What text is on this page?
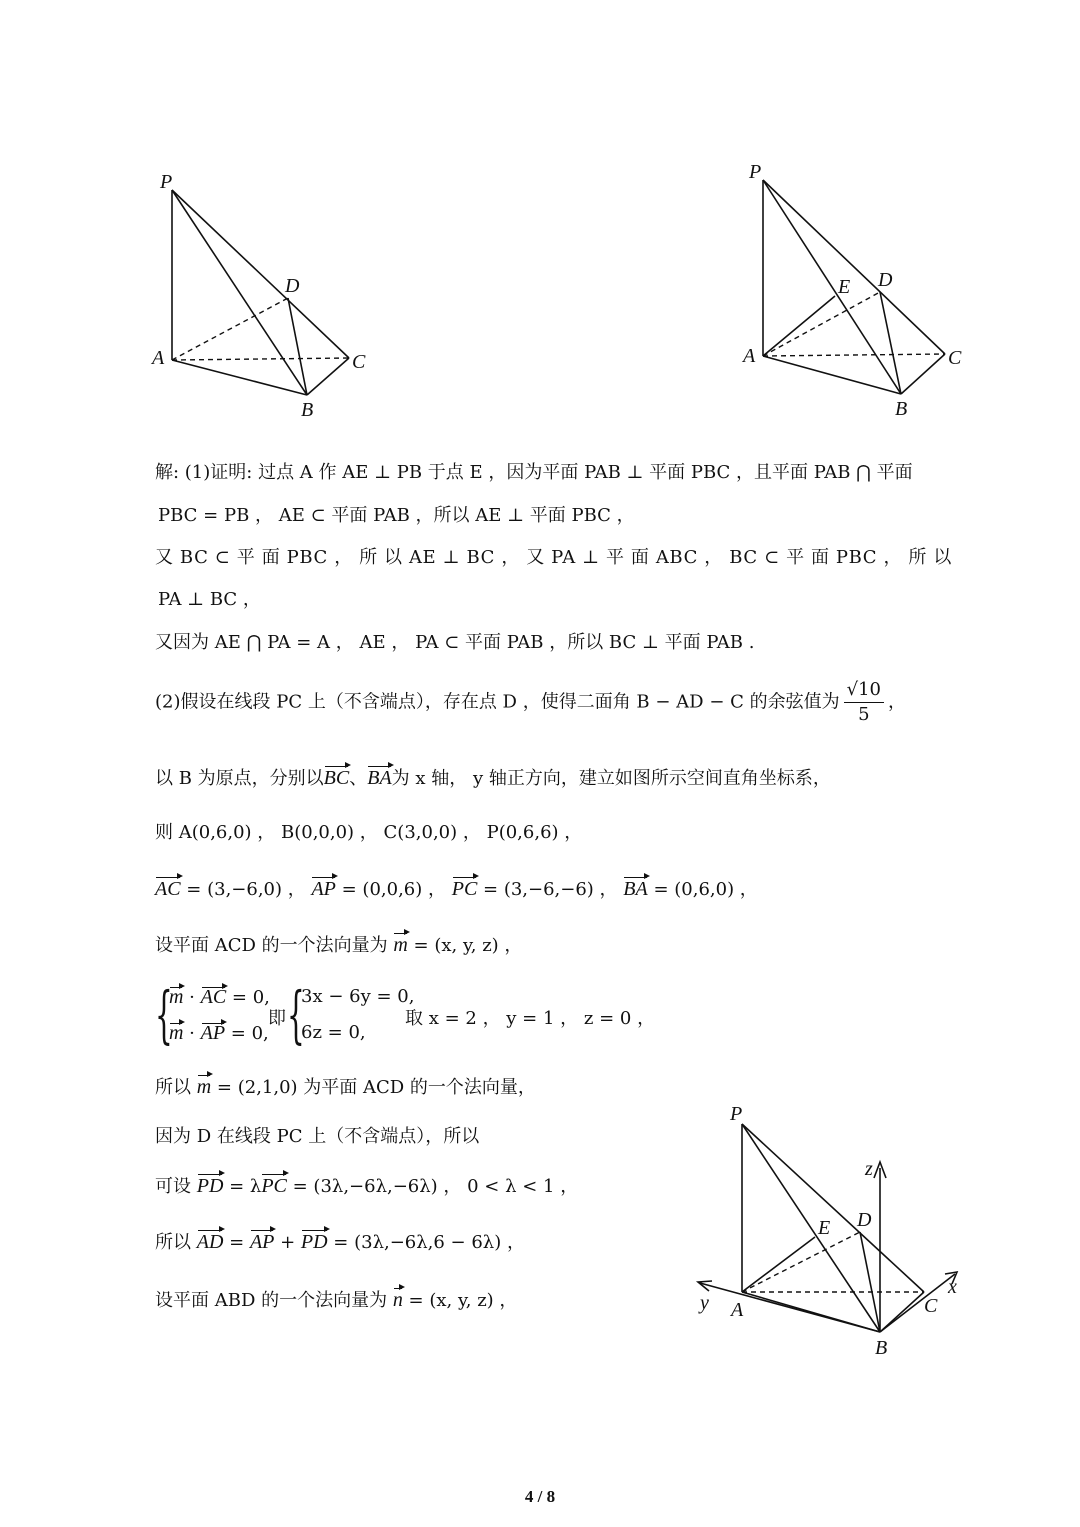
P
D
A	C
B
P
E D
A	C
B
P
z
E D
y A	C
x
B
解: (1)证明: 过点 A 作 AE ⊥ PB 于点 E ，因为平面 PAB ⊥ 平面 PBC ，且平面 PAB ⋂ 平面
PBC = PB ， AE ⊂ 平面 PAB ，所以 AE ⊥ 平面 PBC ，
又 BC ⊂ 平 面 PBC ， 所 以 AE ⊥ BC ， 又 PA ⊥ 平 面 ABC ， BC ⊂ 平 面 PBC ， 所 以
PA ⊥ BC ，
又因为 AE ⋂ PA = A ， AE ， PA ⊂ 平面 PAB ，所以 BC ⊥ 平面 PAB .
(2)假设在线段 PC 上（不含端点），存在点 D ，使得二面角 B − AD − C 的余弦值为 $\frac{√10}{5}$ ，
以 B 为原点，分别以BC、BA为 x 轴， y 轴正方向，建立如图所示空间直角坐标系，
则 A(0,6,0) ， B(0,0,0) ， C(3,0,0) ， P(0,6,6) ，
AC = (3,−6,0) ， AP = (0,0,6) ， PC = (3,−6,−6) ， BA = (0,6,0) ，
设平面 ACD 的一个法向量为 m = (x, y, z) ，
{
m · AC = 0,
m · AP = 0,
即 {
3x − 6y = 0,
6z = 0,
取 x = 2 ， y = 1 ， z = 0 ，
所以 m = (2,1,0) 为平面 ACD 的一个法向量，
因为 D 在线段 PC 上（不含端点），所以
可设 PD = λPC = (3λ,−6λ,−6λ) ， 0 < λ < 1 ，
所以 AD = AP + PD = (3λ,−6λ,6 − 6λ) ，
设平面 ABD 的一个法向量为 n = (x, y, z) ，
4 / 8
